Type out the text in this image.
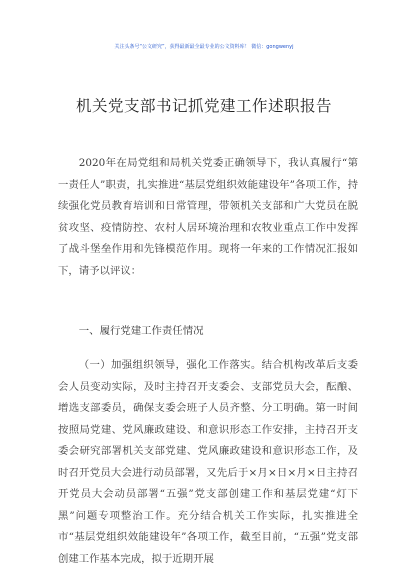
关注头条号“公文研究”，获得最新最全最专业的公文资料库！ 微信：gongwenyj
机关党支部书记抓党建工作述职报告

2020年在局党组和局机关党委正确领导下，我认真履行“第一责任人”职责，扎实推进“基层党组织效能建设年”各项工作，持续强化党员教育培训和日常管理，带领机关支部和广大党员在脱贫攻坚、疫情防控、农村人居环境治理和农牧业重点工作中发挥了战斗堡垒作用和先锋模范作用。现将一年来的工作情况汇报如下，请予以评议：

一、履行党建工作责任情况

（一）加强组织领导，强化工作落实。结合机构改革后支委会人员变动实际，及时主持召开支委会、支部党员大会，酝酿、增选支部委员，确保支委会班子人员齐整、分工明确。第一时间按照局党建、党风廉政建设、和意识形态工作安排，主持召开支委会研究部署机关支部党建、党风廉政建设和意识形态工作，及时召开党员大会进行动员部署，又先后于×月×日×月×日主持召开党员大会动员部署“五强”党支部创建工作和基层党建“灯下黑”问题专项整治工作。充分结合机关工作实际，扎实推进全市“基层党组织效能建设年”各项工作，截至目前，“五强”党支部创建工作基本完成，拟于近期开展
